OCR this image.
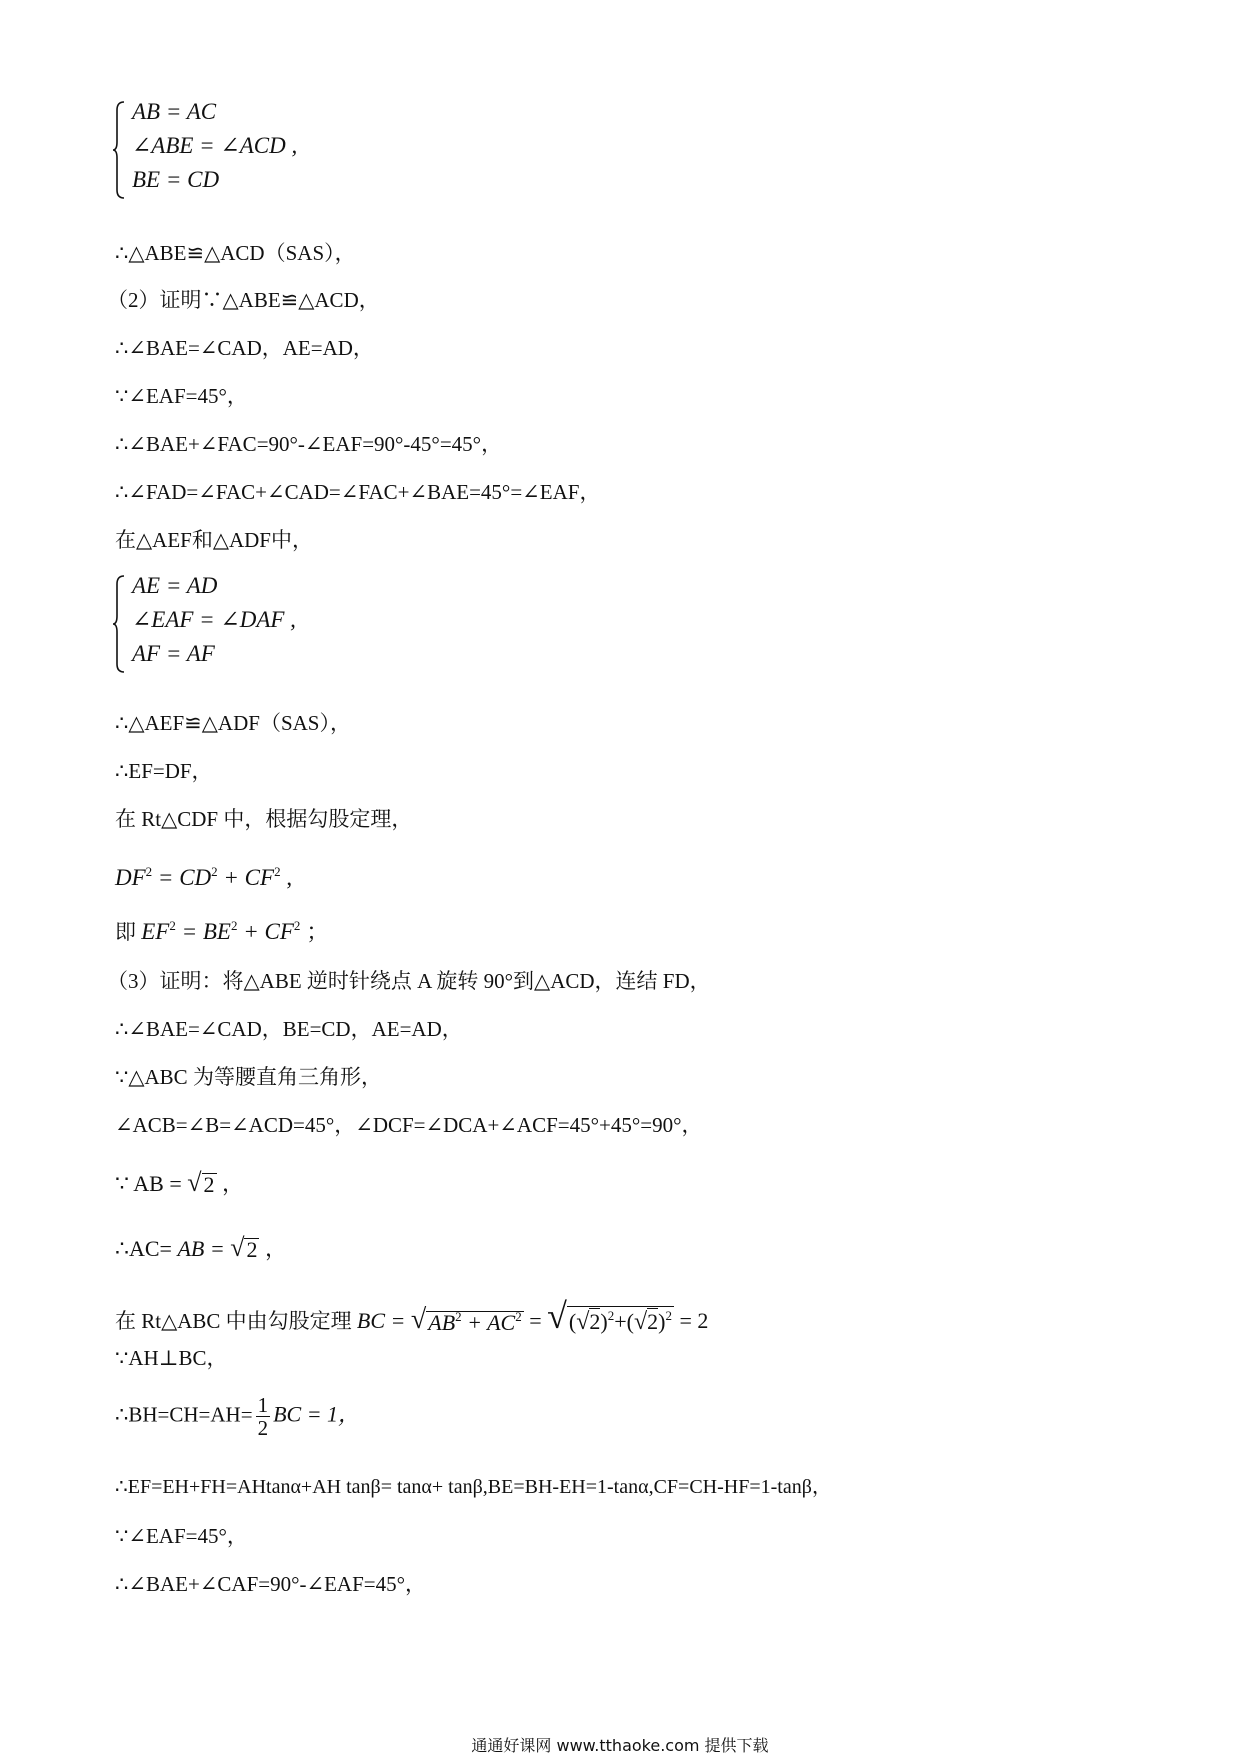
AB = AC
∠ABE = ∠ACD ,
BE = CD
∴△ABE≌△ACD（SAS），
（2）证明∵△ABE≌△ACD，
∴∠BAE=∠CAD，AE=AD，
∵∠EAF=45°，
∴∠BAE+∠FAC=90°-∠EAF=90°-45°=45°，
∴∠FAD=∠FAC+∠CAD=∠FAC+∠BAE=45°=∠EAF，
在△AEF和△ADF中，
AE = AD
∠EAF = ∠DAF ,
AF = AF
∴△AEF≌△ADF（SAS），
∴EF=DF，
在 Rt△CDF 中，根据勾股定理，
$DF^2 = CD^2 + CF^2$ ,
即 $EF^2 = BE^2 + CF^2$ ；
（3）证明：将△ABE 逆时针绕点 A 旋转 90°到△ACD，连结 FD，
∴∠BAE=∠CAD，BE=CD，AE=AD，
∵△ABC 为等腰直角三角形，
∠ACB=∠B=∠ACD=45°，∠DCF=∠DCA+∠ACF=45°+45°=90°，
∵ AB = √ 2 ，
∴AC= AB = √ 2 ，
在 Rt△ABC 中由勾股定理 BC = √ $AB^2 + AC^2$ = √ $(√2)^2+(√2)^2 = 2$
∵AH⊥BC，
∴BH=CH=AH= $\frac{1}{2}$ BC = 1，
∴EF=EH+FH=AHtanα+AH tanβ= tanα+ tanβ,BE=BH-EH=1-tanα,CF=CH-HF=1-tanβ，
∵∠EAF=45°，
∴∠BAE+∠CAF=90°-∠EAF=45°，
通通好课网 www.tthaoke.com 提供下载
